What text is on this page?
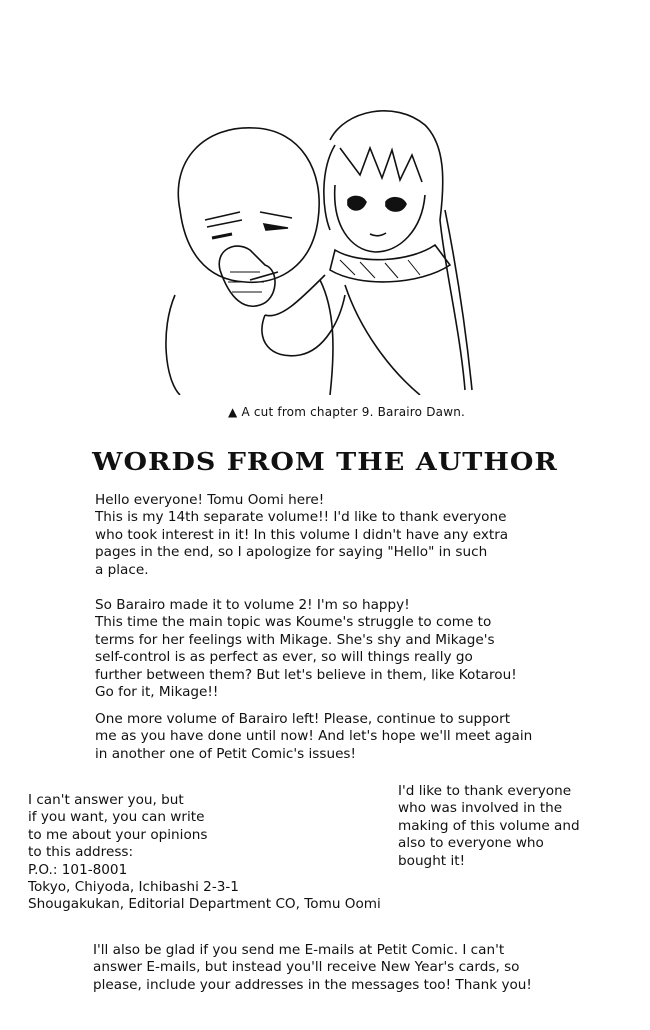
▲ A cut from chapter 9. Barairo Dawn.
WORDS FROM THE AUTHOR
Hello everyone! Tomu Oomi here!
This is my 14th separate volume!! I'd like to thank everyone
who took interest in it! In this volume I didn't have any extra
pages in the end, so I apologize for saying "Hello" in such
a place.
So Barairo made it to volume 2! I'm so happy!
This time the main topic was Koume's struggle to come to
terms for her feelings with Mikage. She's shy and Mikage's
self-control is as perfect as ever, so will things really go
further between them? But let's believe in them, like Kotarou!
Go for it, Mikage!!
One more volume of Barairo left! Please, continue to support
me as you have done until now! And let's hope we'll meet again
in another one of Petit Comic's issues!
I can't answer you, but
if you want, you can write
to me about your opinions
to this address:
P.O.: 101-8001
Tokyo, Chiyoda, Ichibashi 2-3-1
Shougakukan, Editorial Department CO, Tomu Oomi
I'd like to thank everyone
who was involved in the
making of this volume and
also to everyone who
bought it!
I'll also be glad if you send me E-mails at Petit Comic. I can't
answer E-mails, but instead you'll receive New Year's cards, so
please, include your addresses in the messages too! Thank you!
